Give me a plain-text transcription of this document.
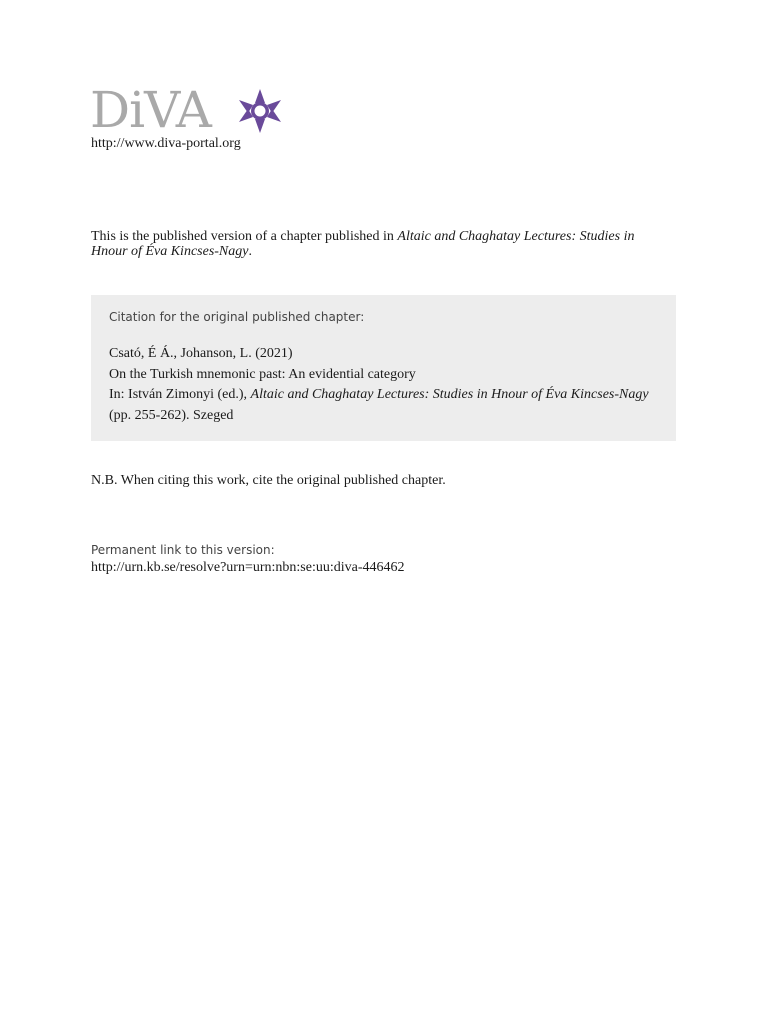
DiVA
http://www.diva-portal.org
This is the published version of a chapter published in Altaic and Chaghatay Lectures: Studies in Hnour of Éva Kincses-Nagy.
Citation for the original published chapter:
Csató, É Á., Johanson, L. (2021)
On the Turkish mnemonic past: An evidential category
In: István Zimonyi (ed.), Altaic and Chaghatay Lectures: Studies in Hnour of Éva Kincses-Nagy (pp. 255-262). Szeged
N.B. When citing this work, cite the original published chapter.
Permanent link to this version:
http://urn.kb.se/resolve?urn=urn:nbn:se:uu:diva-446462
